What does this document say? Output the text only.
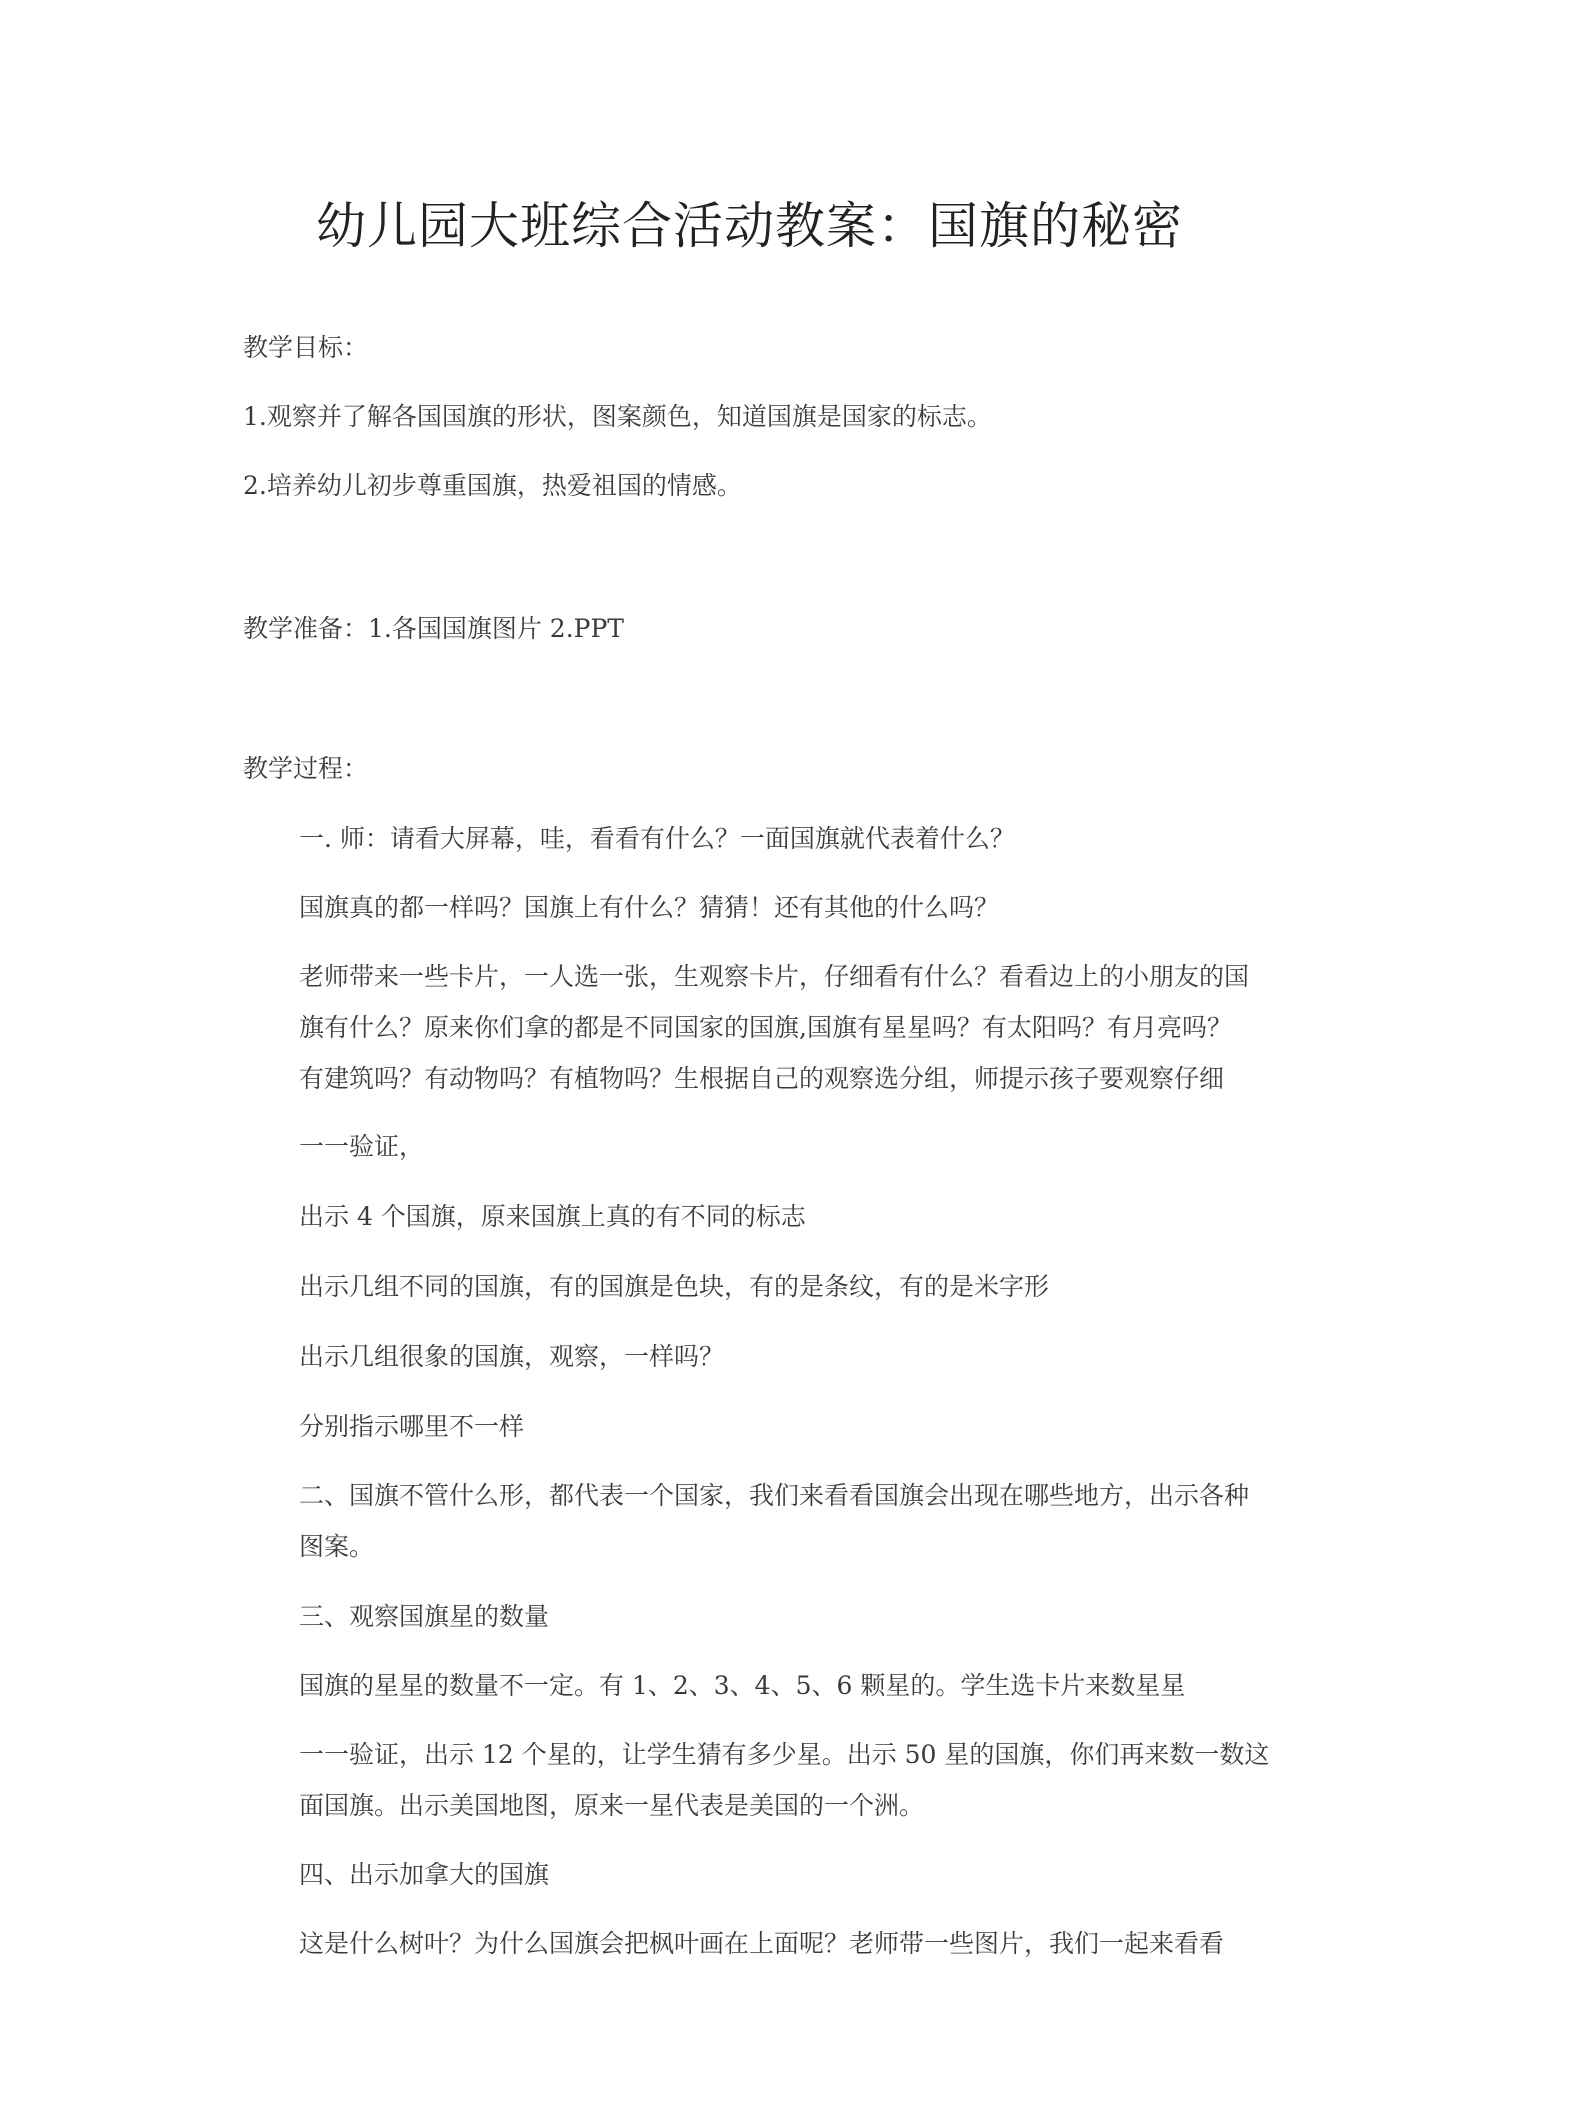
幼儿园大班综合活动教案：国旗的秘密
教学目标：
1.观察并了解各国国旗的形状，图案颜色，知道国旗是国家的标志。
2.培养幼儿初步尊重国旗，热爱祖国的情感。
教学准备：1.各国国旗图片 2.PPT
教学过程：
一. 师：请看大屏幕，哇，看看有什么？一面国旗就代表着什么？
国旗真的都一样吗？国旗上有什么？猜猜！还有其他的什么吗？
老师带来一些卡片，一人选一张，生观察卡片，仔细看有什么？看看边上的小朋友的国
旗有什么？原来你们拿的都是不同国家的国旗,国旗有星星吗？有太阳吗？有月亮吗？
有建筑吗？有动物吗？有植物吗？生根据自己的观察选分组，师提示孩子要观察仔细
一一验证，
出示 4 个国旗，原来国旗上真的有不同的标志
出示几组不同的国旗，有的国旗是色块，有的是条纹，有的是米字形
出示几组很象的国旗，观察，一样吗？
分别指示哪里不一样
二、国旗不管什么形，都代表一个国家，我们来看看国旗会出现在哪些地方，出示各种
图案。
三、观察国旗星的数量
国旗的星星的数量不一定。有 1、2、3、4、5、6 颗星的。学生选卡片来数星星
一一验证，出示 12 个星的，让学生猜有多少星。出示 50 星的国旗，你们再来数一数这
面国旗。出示美国地图，原来一星代表是美国的一个洲。
四、出示加拿大的国旗
这是什么树叶？为什么国旗会把枫叶画在上面呢？老师带一些图片，我们一起来看看
